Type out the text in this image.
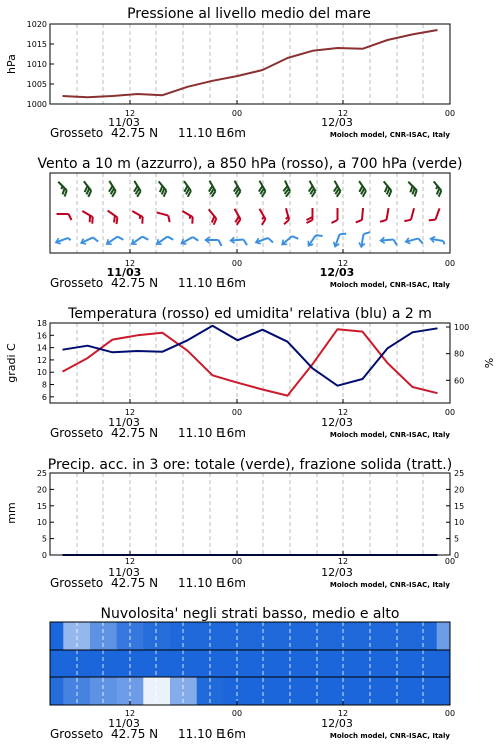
Pressione al livello medio del mare
hPa
1000
1005
1010
1015
1020
12	00	12	00
Vento a 10 m (azzurro), a 850 hPa (rosso), a 700 hPa (verde)
12	00	12	00
Temperatura (rosso) ed umidita' relativa (blu) a 2 m
gradi C	%
6
8
10
12
14
16
18
60
80
100
12	00	12	00
Precip. acc. in 3 ore: totale (verde), frazione solida (tratt.)
mm
0
5
10
15
20
25
0
5
10
15
20
25
12	00	12	00
Nuvolosita' negli strati basso, medio e alto
12	00	12	00
11/03	12/03
Grosseto 42.75 N 11.10 E
16m	Moloch model, CNR-ISAC, Italy
11/03	12/03
Grosseto 42.75 N 11.10 E
16m	Moloch model, CNR-ISAC, Italy
11/03	12/03
Grosseto 42.75 N 11.10 E
16m	Moloch model, CNR-ISAC, Italy
11/03	12/03
Grosseto 42.75 N 11.10 E
16m	Moloch model, CNR-ISAC, Italy
11/03	12/03
Grosseto 42.75 N 11.10 E
16m	Moloch model, CNR-ISAC, Italy
